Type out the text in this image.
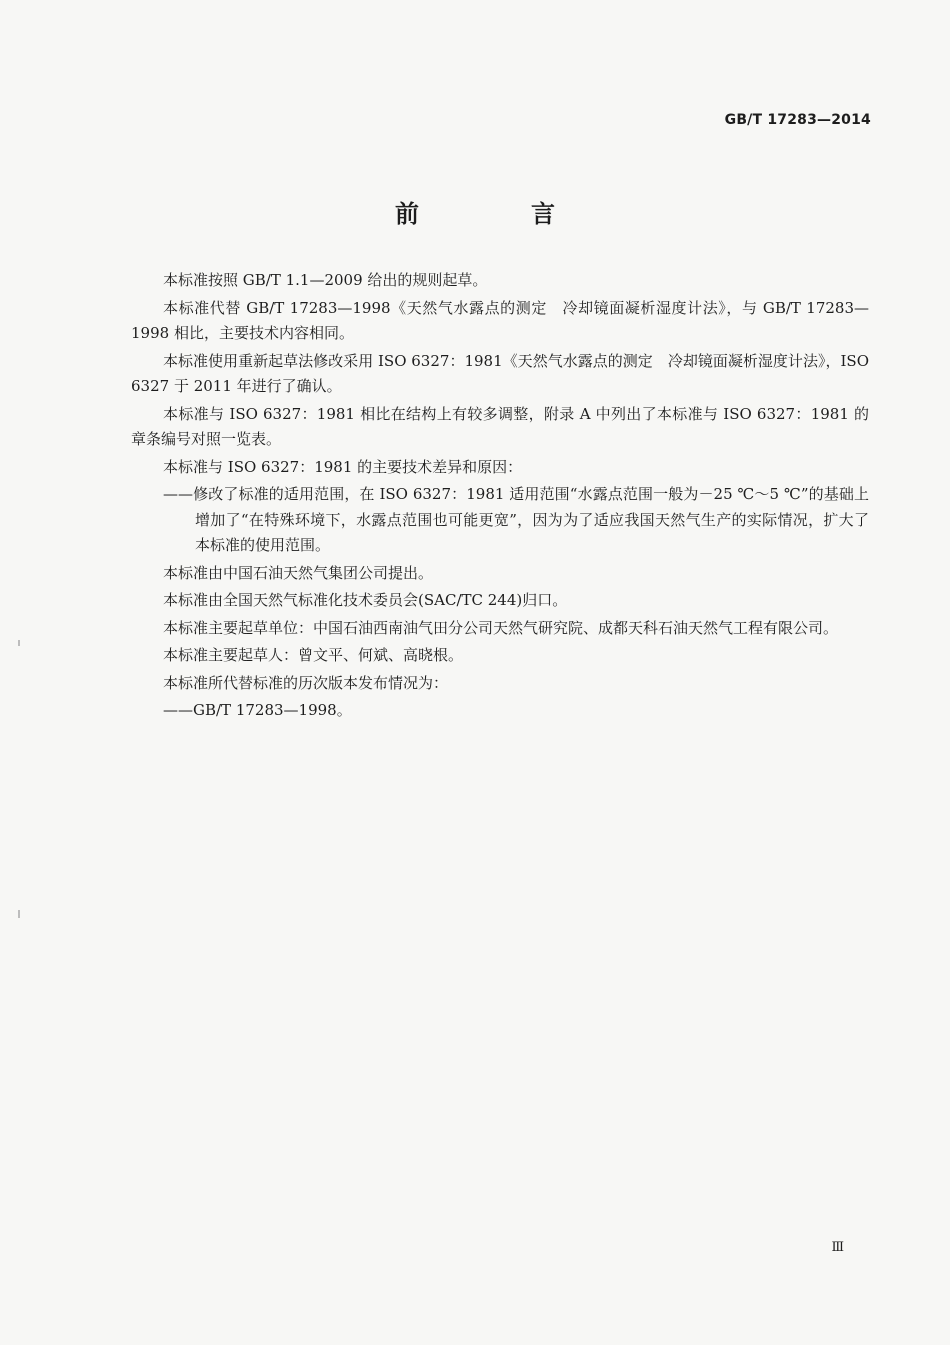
GB/T 17283—2014
前　言

本标准按照 GB/T 1.1—2009 给出的规则起草。

本标准代替 GB/T 17283—1998《天然气水露点的测定　冷却镜面凝析湿度计法》，与 GB/T 17283—1998 相比，主要技术内容相同。

本标准使用重新起草法修改采用 ISO 6327：1981《天然气水露点的测定　冷却镜面凝析湿度计法》，ISO 6327 于 2011 年进行了确认。

本标准与 ISO 6327：1981 相比在结构上有较多调整，附录 A 中列出了本标准与 ISO 6327：1981 的章条编号对照一览表。

本标准与 ISO 6327：1981 的主要技术差异和原因：

——修改了标准的适用范围，在 ISO 6327：1981 适用范围“水露点范围一般为－25 ℃～5 ℃”的基础上增加了“在特殊环境下，水露点范围也可能更宽”，因为为了适应我国天然气生产的实际情况，扩大了本标准的使用范围。

本标准由中国石油天然气集团公司提出。

本标准由全国天然气标准化技术委员会(SAC/TC 244)归口。

本标准主要起草单位：中国石油西南油气田分公司天然气研究院、成都天科石油天然气工程有限公司。

本标准主要起草人：曾文平、何斌、高晓根。

本标准所代替标准的历次版本发布情况为：

——GB/T 17283—1998。

Ⅲ
